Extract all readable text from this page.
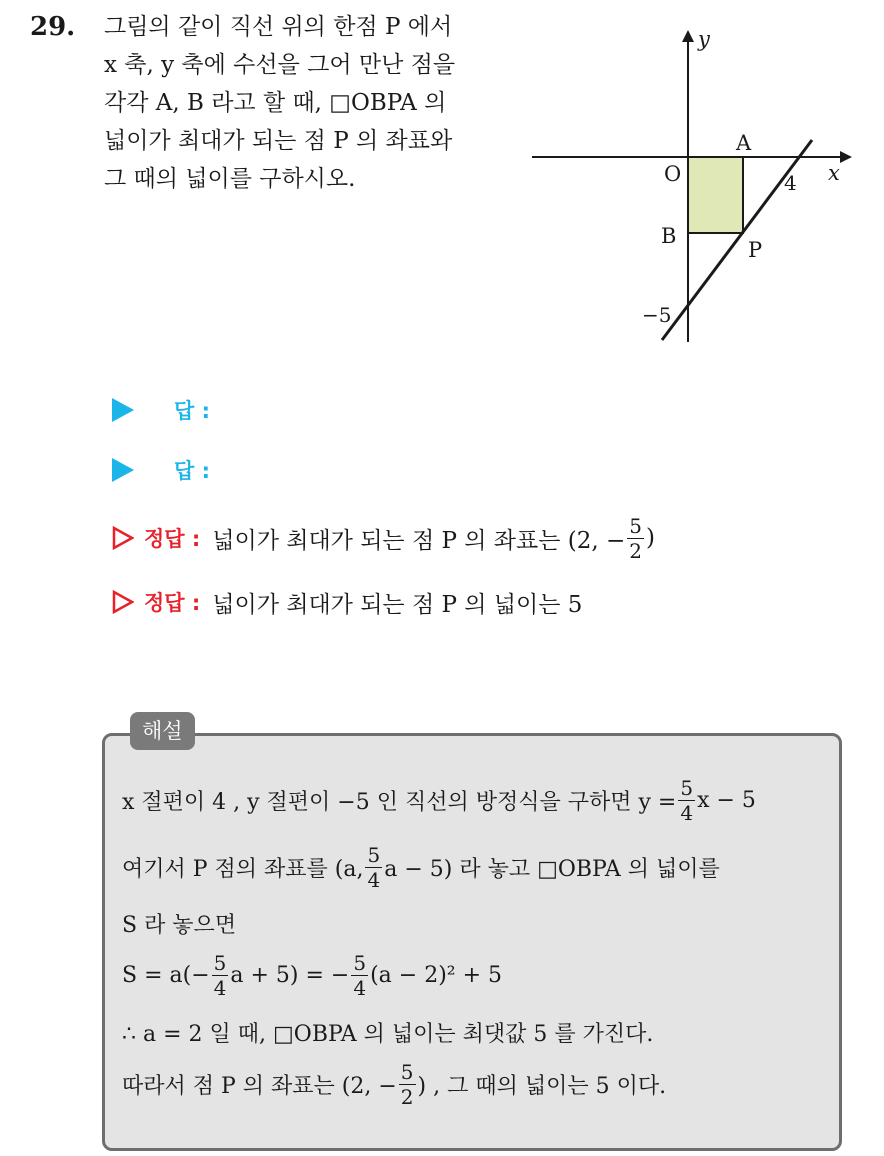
29. 그림의 같이 직선 위의 한점 P 에서
x 축, y 축에 수선을 그어 만난 점을
각각 A, B 라고 할 때, □OBPA 의
넓이가 최대가 되는 점 P 의 좌표와
그 때의 넓이를 구하시오.
y
x
O
A
B
P
4
−5
답 :
답 :
정답 : 넓이가 최대가 되는 점 P 의 좌표는 (2, − $\frac{5}{2}$ )
정답 : 넓이가 최대가 되는 점 P 의 넓이는 5
해설
x 절편이 4 , y 절편이 −5 인 직선의 방정식을 구하면 $y = \frac{5}{4}$ x − 5
여기서 P 점의 좌표를 (a, $\frac{5}{4}$ a − 5) 라 놓고 □OBPA 의 넓이를
S 라 놓으면
$S = a(- \frac{5}{4}$ a + 5) = − $\frac{5}{4} (a - 2)^2 + 5$
∴ a = 2 일 때, □OBPA 의 넓이는 최댓값 5 를 가진다.
따라서 점 P 의 좌표는 (2, − $\frac{5}{2}$ ) , 그 때의 넓이는 5 이다.
